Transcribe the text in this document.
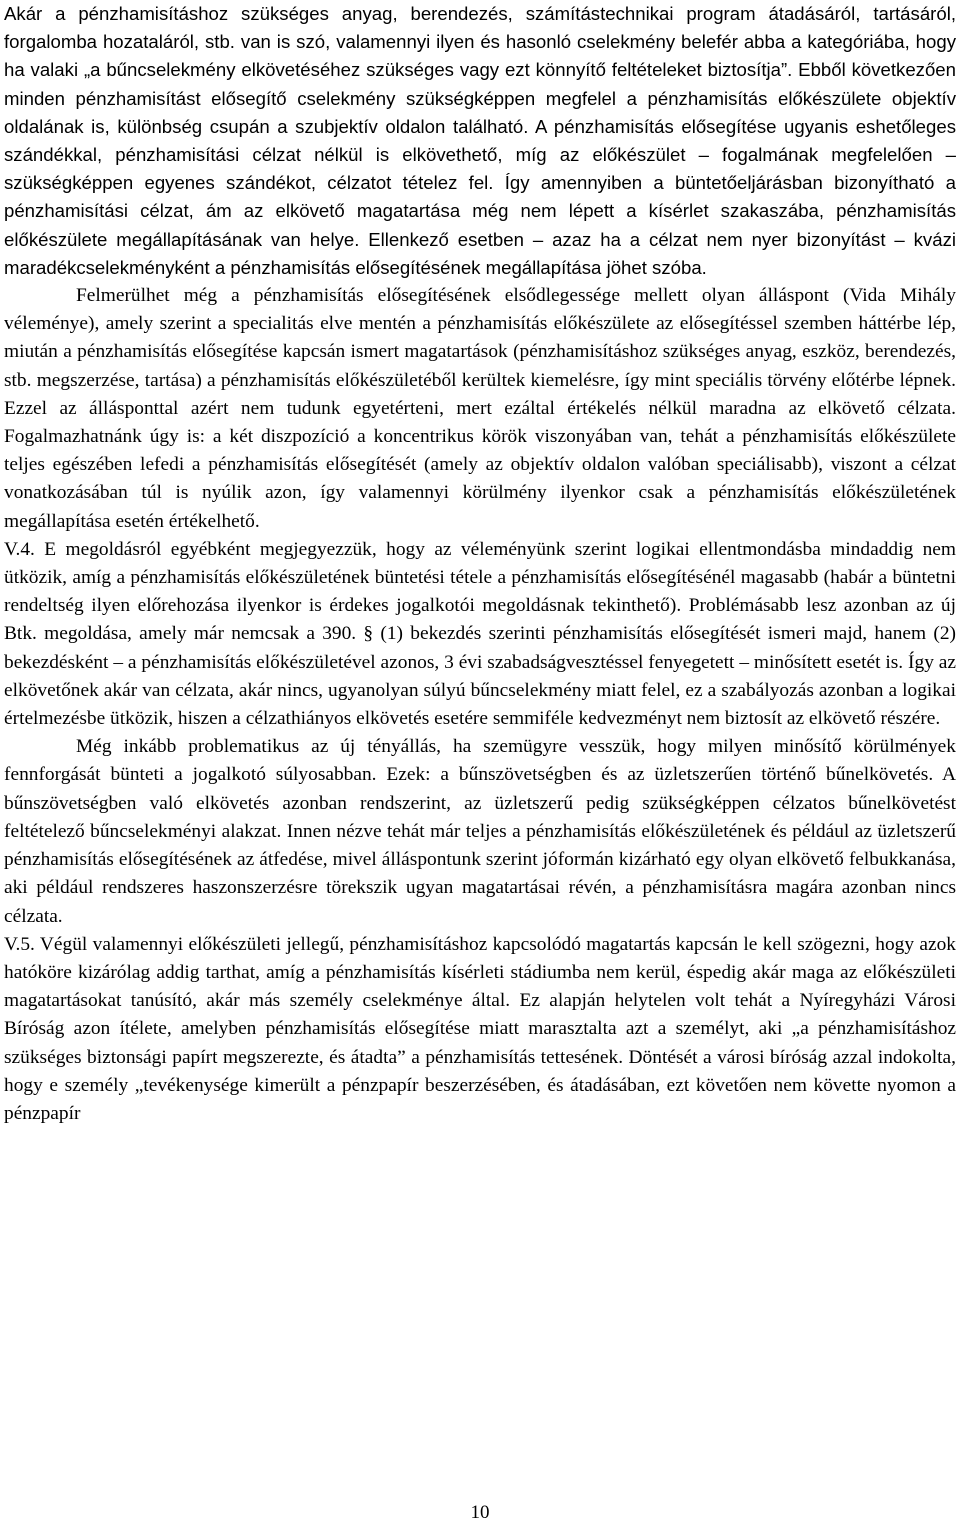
Akár a pénzhamisításhoz szükséges anyag, berendezés, számítástechnikai program átadásáról, tartásáról, forgalomba hozataláról, stb. van is szó, valamennyi ilyen és hasonló cselekmény belefér abba a kategóriába, hogy ha valaki „a bűncselekmény elkövetéséhez szükséges vagy ezt könnyítő feltételeket biztosítja”. Ebből következően minden pénzhamisítást elősegítő cselekmény szükségképpen megfelel a pénzhamisítás előkészülete objektív oldalának is, különbség csupán a szubjektív oldalon található. A pénzhamisítás elősegítése ugyanis eshetőleges szándékkal, pénzhamisítási célzat nélkül is elkövethető, míg az előkészület – fogalmának megfelelően – szükségképpen egyenes szándékot, célzatot tételez fel. Így amennyiben a büntetőeljárásban bizonyítható a pénzhamisítási célzat, ám az elkövető magatartása még nem lépett a kísérlet szakaszába, pénzhamisítás előkészülete megállapításának van helye. Ellenkező esetben – azaz ha a célzat nem nyer bizonyítást – kvázi maradékcselekményként a pénzhamisítás elősegítésének megállapítása jöhet szóba.

Felmerülhet még a pénzhamisítás elősegítésének elsődlegessége mellett olyan álláspont (Vida Mihály véleménye), amely szerint a specialitás elve mentén a pénzhamisítás előkészülete az elősegítéssel szemben háttérbe lép, miután a pénzhamisítás elősegítése kapcsán ismert magatartások (pénzhamisításhoz szükséges anyag, eszköz, berendezés, stb. megszerzése, tartása) a pénzhamisítás előkészületéből kerültek kiemelésre, így mint speciális törvény előtérbe lépnek. Ezzel az állásponttal azért nem tudunk egyetérteni, mert ezáltal értékelés nélkül maradna az elkövető célzata. Fogalmazhatnánk úgy is: a két diszpozíció a koncentrikus körök viszonyában van, tehát a pénzhamisítás előkészülete teljes egészében lefedi a pénzhamisítás elősegítését (amely az objektív oldalon valóban speciálisabb), viszont a célzat vonatkozásában túl is nyúlik azon, így valamennyi körülmény ilyenkor csak a pénzhamisítás előkészületének megállapítása esetén értékelhető.

V.4. E megoldásról egyébként megjegyezzük, hogy az véleményünk szerint logikai ellentmondásba mindaddig nem ütközik, amíg a pénzhamisítás előkészületének büntetési tétele a pénzhamisítás elősegítésénél magasabb (habár a büntetni rendeltség ilyen előrehozása ilyenkor is érdekes jogalkotói megoldásnak tekinthető). Problémásabb lesz azonban az új Btk. megoldása, amely már nemcsak a 390. § (1) bekezdés szerinti pénzhamisítás elősegítését ismeri majd, hanem (2) bekezdésként – a pénzhamisítás előkészületével azonos, 3 évi szabadságvesztéssel fenyegetett – minősített esetét is. Így az elkövetőnek akár van célzata, akár nincs, ugyanolyan súlyú bűncselekmény miatt felel, ez a szabályozás azonban a logikai értelmezésbe ütközik, hiszen a célzathiányos elkövetés esetére semmiféle kedvezményt nem biztosít az elkövető részére.

Még inkább problematikus az új tényállás, ha szemügyre vesszük, hogy milyen minősítő körülmények fennforgását bünteti a jogalkotó súlyosabban. Ezek: a bűnszövetségben és az üzletszerűen történő bűnelkövetés. A bűnszövetségben való elkövetés azonban rendszerint, az üzletszerű pedig szükségképpen célzatos bűnelkövetést feltételező bűncselekményi alakzat. Innen nézve tehát már teljes a pénzhamisítás előkészületének és például az üzletszerű pénzhamisítás elősegítésének az átfedése, mivel álláspontunk szerint jóformán kizárható egy olyan elkövető felbukkanása, aki például rendszeres haszonszerzésre törekszik ugyan magatartásai révén, a pénzhamisításra magára azonban nincs célzata.

V.5. Végül valamennyi előkészületi jellegű, pénzhamisításhoz kapcsolódó magatartás kapcsán le kell szögezni, hogy azok hatóköre kizárólag addig tarthat, amíg a pénzhamisítás kísérleti stádiumba nem kerül, éspedig akár maga az előkészületi magatartásokat tanúsító, akár más személy cselekménye által. Ez alapján helytelen volt tehát a Nyíregyházi Városi Bíróság azon ítélete, amelyben pénzhamisítás elősegítése miatt marasztalta azt a személyt, aki „a pénzhamisításhoz szükséges biztonsági papírt megszerezte, és átadta” a pénzhamisítás tettesének. Döntését a városi bíróság azzal indokolta, hogy e személy „tevékenysége kimerült a pénzpapír beszerzésében, és átadásában, ezt követően nem követte nyomon a pénzpapír

10
